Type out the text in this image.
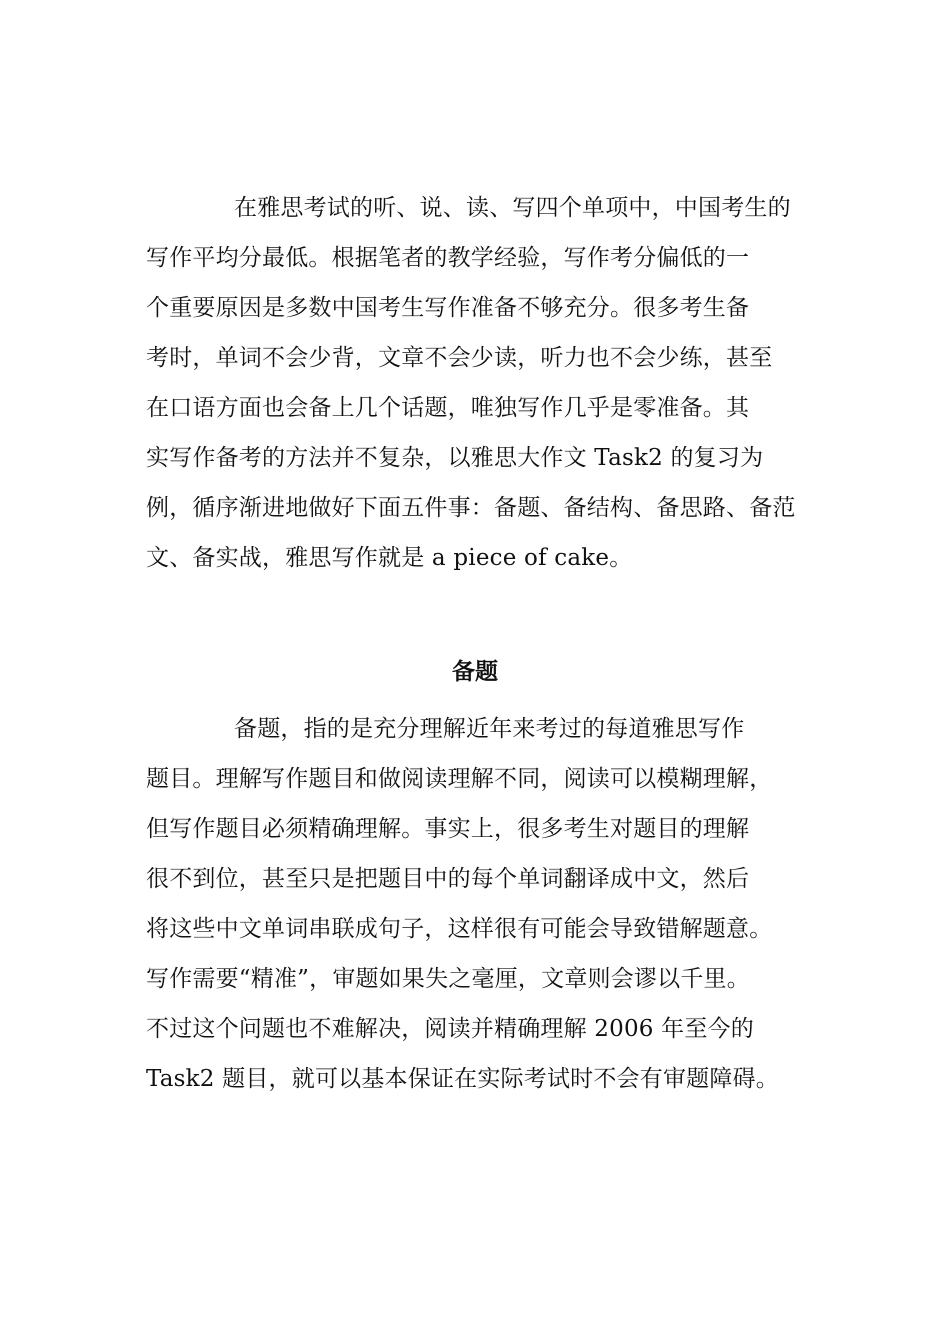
在雅思考试的听、说、读、写四个单项中，中国考生的
写作平均分最低。根据笔者的教学经验，写作考分偏低的一
个重要原因是多数中国考生写作准备不够充分。很多考生备
考时，单词不会少背，文章不会少读，听力也不会少练，甚至
在口语方面也会备上几个话题，唯独写作几乎是零准备。其
实写作备考的方法并不复杂，以雅思大作文 Task2 的复习为
例，循序渐进地做好下面五件事：备题、备结构、备思路、备范
文、备实战，雅思写作就是 a piece of cake。
备题
备题，指的是充分理解近年来考过的每道雅思写作
题目。理解写作题目和做阅读理解不同，阅读可以模糊理解，
但写作题目必须精确理解。事实上，很多考生对题目的理解
很不到位，甚至只是把题目中的每个单词翻译成中文，然后
将这些中文单词串联成句子，这样很有可能会导致错解题意。
写作需要“精准”，审题如果失之毫厘，文章则会谬以千里。
不过这个问题也不难解决，阅读并精确理解 2006 年至今的
Task2 题目，就可以基本保证在实际考试时不会有审题障碍。
